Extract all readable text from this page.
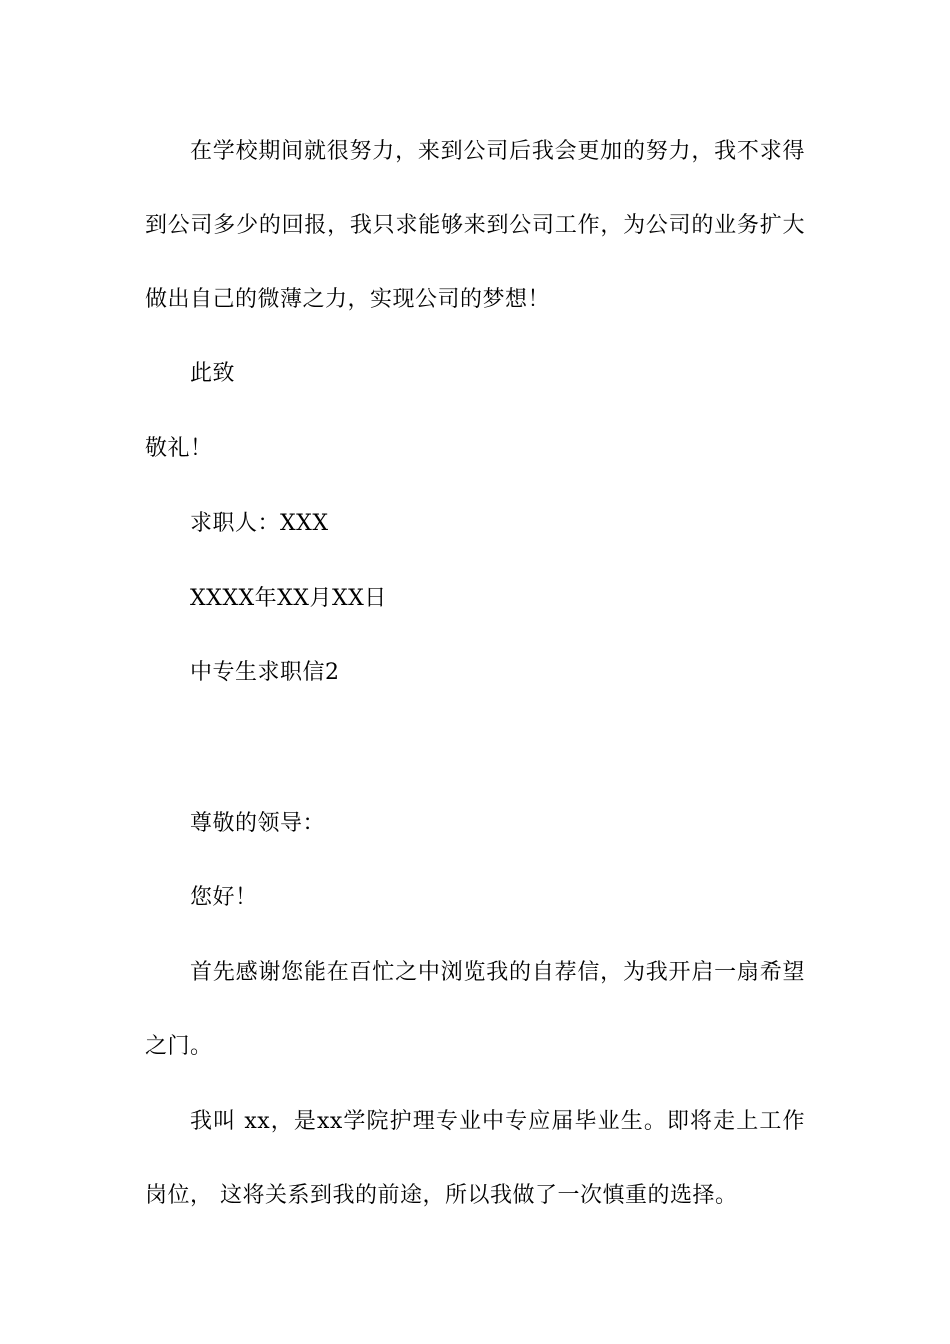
在学校期间就很努力，来到公司后我会更加的努力，我不求得
到公司多少的回报，我只求能够来到公司工作，为公司的业务扩大
做出自己的微薄之力，实现公司的梦想！
此致
敬礼！
求职人：XXX
XXXX年XX月XX日
中专生求职信2
尊敬的领导：
您好！
首先感谢您能在百忙之中浏览我的自荐信，为我开启一扇希望
之门。
我叫 xx，是xx学院护理专业中专应届毕业生。即将走上工作
岗位， 这将关系到我的前途，所以我做了一次慎重的选择。
